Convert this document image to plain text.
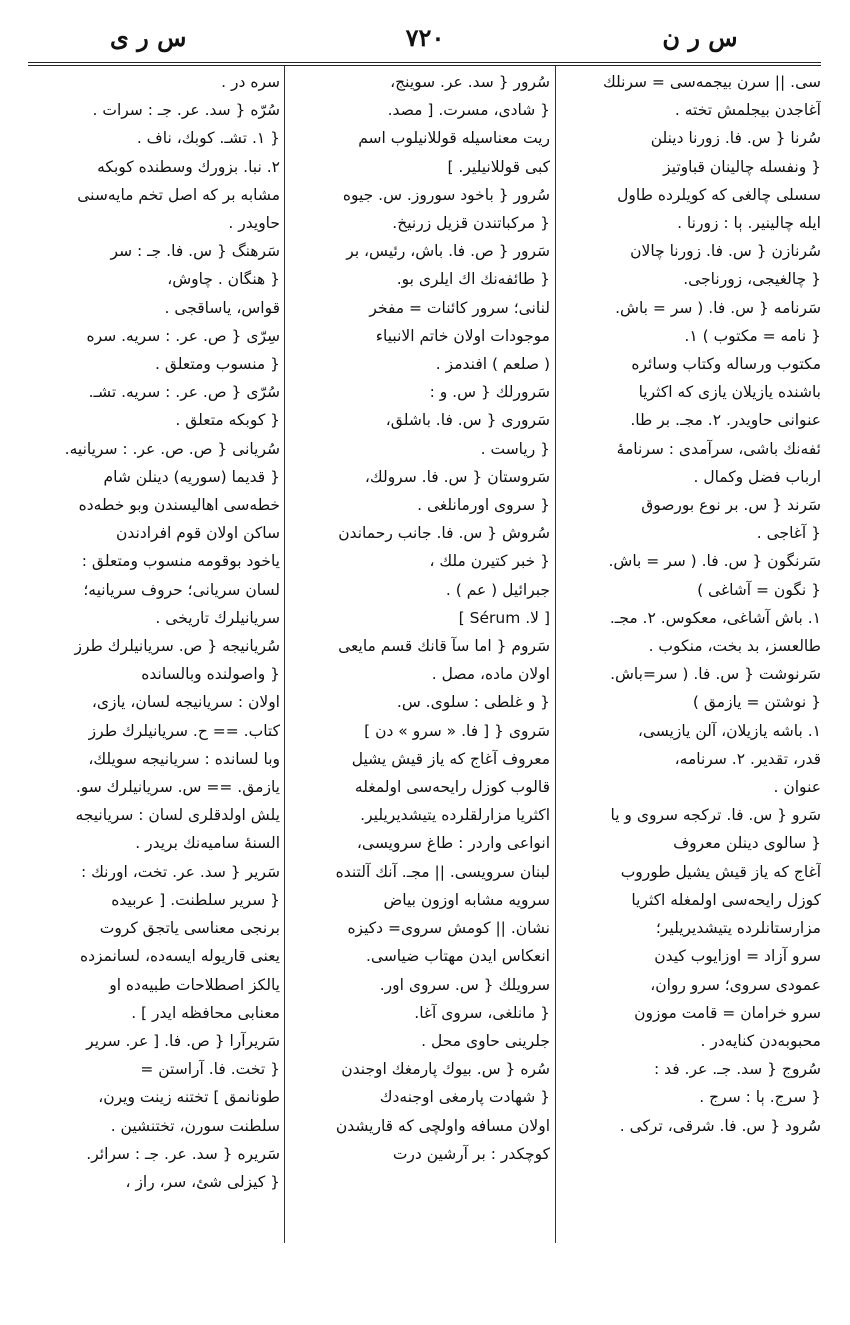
س ر ى	٧٢٠	س ر ن
سى. || سرن بيجمه‌سى = سرنلك
آغاجدن بيجلمش تخته .
سُرنا { س. فا. زورنا دينلن
{ ونفسله چالينان قباوتيز
سسلى چالغى كه كويلرده طاول
ايله چالينير. ٻا : زورنا .
سُرنازن { س. فا. زورنا چالان
{ چالغيجى، زورناجى.
سَرنامه { س. فا. ( سر = باش.
{ نامه = مكتوب ) ١.
مكتوب ورساله وكتاب وسائره
باشنده يازيلان يازى كه اكثريا
عنوانى حاويدر. ٢. مجـ. بر طا.
ئفه‌نك باشى، سرآمدى : سرنامهٔ
ارباب فضل وكمال .
سَرند { س. بر نوع بورصوق
{ آغاجى .
سَرنگون { س. فا. ( سر = باش.
{ نگون = آشاغى )
١. باش آشاغى، معكوس. ٢. مجـ.
طالعسز، بد بخت، منكوب .
سَرنوشت { س. فا. ( سر=باش.
{ نوشتن = يازمق )
١. باشه يازيلان، آلن يازيسى،
قدر، تقدير. ٢. سرنامه،
عنوان .
سَرو { س. فا. تركجه سروى و يا
{ سالوى دينلن معروف
آغاج كه ياز قيش يشيل طوروب
كوزل رايحه‌سى اولمغله اكثريا
مزارستانلرده يتيشديريلير؛
سرو آزاد = اوزايوب كيدن
عمودى سروى؛ سرو روان،
سرو خرامان = قامت موزون
محبوبه‌دن كنايه‌در .
سُروج { سد. جـ. عر. فد :
{ سرج. ٻا : سرج .
سُرود { س. فا. شرقى، تركى .
سُرور { سد. عر. سوينج،
{ شادى، مسرت. [ مصد.
ريت معناسيله قوللانيلوب اسم
كبى قوللانيلير. ]
سُرور { باخود سوروز. س. جيوه
{ مركباتندن قزيل زرنيخ.
سَرور { ص. فا. باش، رئيس، بر
{ طائفه‌نك اك ايلرى بو.
لنانى؛ سرور كائنات = مفخر
موجودات اولان خاتم الانبياء
( صلعم ) افندمز .
سَرورلك { س. و :
سَرورى { س. فا. باشلق،
{ رياست .
سَروستان { س. فا. سرولك،
{ سروى اورمانلغى .
سُروش { س. فا. جانب رحماندن
{ خبر كتيرن ملك ،
جبرائيل ( عم ) .
[ لا. Sérum ]
سَروم { اما سآ قانك قسم مايعى
اولان ماده، مصل .
{ و غلطى : سلوى. س.
سَروى { [ فا. « سرو » دن ]
معروف آغاج كه ياز قيش يشيل
قالوب كوزل رايحه‌سى اولمغله
اكثريا مزارلقلرده يتيشديريلير.
انواعى واردر : طاغ سرويسى،
لبنان سرويسى. || مجـ. آنك آلتنده
سرويه مشابه اوزون بياض
نشان. || كومش سروى= دكيزه
انعكاس ايدن مهتاب ضياسى.
سرويلك { س. سروى اور.
{ مانلغى، سروى آغا.
جلرينى حاوى محل .
سُره { س. بيوك پارمغك اوجندن
{ شهادت پارمغى اوجنه‌دك
اولان مسافه واولچى كه قاريشدن
كوچكدر : بر آرشين درت
سره در .
سُرّه { سد. عر. جـ : سرات .
{ ١. تشـ. كوبك، ناف .
٢. نبا. بزورك وسطنده كوبكه
مشابه بر كه اصل تخم مايه‌سنى
حاويدر .
سَرهنگ { س. فا. جـ : سر
{ هنگان . چاوش،
قواس، ياساقجى .
سِرّى { ص. عر. : سريه. سره
{ منسوب ومتعلق .
سُرّى { ص. عر. : سريه. تشـ.
{ كوبكه متعلق .
سُريانى { ص. ص. عر. : سريانيه.
{ قديما (سوريه) دينلن شام
خطه‌سى اهاليسندن وبو خطه‌ده
ساكن اولان قوم افرادندن
ياخود بوقومه منسوب ومتعلق :
لسان سريانى؛ حروف سريانيه؛
سريانيلرك تاريخى .
سُريانيجه { ص. سريانيلرك طرز
{ واصولنده وبالسانده
اولان : سريانيجه لسان، يازى،
كتاب. == ح. سريانيلرك طرز
وبا لسانده : سريانيجه سويلك،
يازمق. == س. سريانيلرك سو.
يلش اولدقلرى لسان : سريانيجه
السنهٔ ساميه‌نك بريدر .
سَرير { سد. عر. تخت، اورنك :
{ سرير سلطنت. [ عربيده
برنجى معناسى ياتجق كروت
يعنى قاريوله ايسه‌ده، لسانمزده
يالكز اصطلاحات طبيه‌ده او
معنابى محافظه ايدر ] .
سَريرآرا { ص. فا. [ عر. سرير
{ تخت. فا. آراستن =
طونانمق ] تختنه زينت ويرن،
سلطنت سورن، تختنشين .
سَريره { سد. عر. جـ : سرائر.
{ كيزلى شئ، سر، راز ،
